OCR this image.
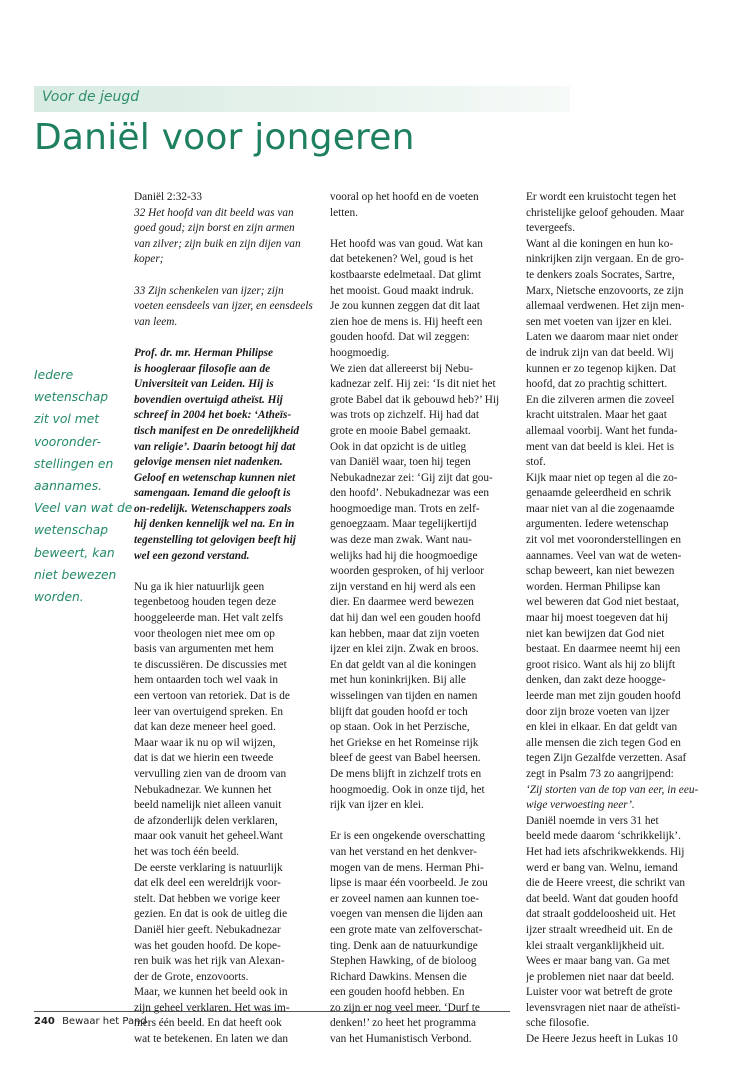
Voor de jeugd
Daniël voor jongeren
Iedere
wetenschap
zit vol met
vooronder-
stellingen en
aannames.
Veel van wat de
wetenschap
beweert, kan
niet bewezen
worden.
Daniël 2:32-33
32 Het hoofd van dit beeld was van
goed goud; zijn borst en zijn armen
van zilver; zijn buik en zijn dijen van
koper;
33 Zijn schenkelen van ijzer; zijn
voeten eensdeels van ijzer, en eensdeels
van leem.
Prof. dr. mr. Herman Philipse
is hoogleraar filosofie aan de
Universiteit van Leiden. Hij is
bovendien overtuigd atheïst. Hij
schreef in 2004 het boek: ‘Atheïs-
tisch manifest en De onredelijkheid
van religie’. Daarin betoogt hij dat
gelovige mensen niet nadenken.
Geloof en wetenschap kunnen niet
samengaan. Iemand die gelooft is
on-redelijk. Wetenschappers zoals
hij denken kennelijk wel na. En in
tegenstelling tot gelovigen beeft hij
wel een gezond verstand.
Nu ga ik hier natuurlijk geen
tegenbetoog houden tegen deze
hooggeleerde man. Het valt zelfs
voor theologen niet mee om op
basis van argumenten met hem
te discussiëren. De discussies met
hem ontaarden toch wel vaak in
een vertoon van retoriek. Dat is de
leer van overtuigend spreken. En
dat kan deze meneer heel goed.
Maar waar ik nu op wil wijzen,
dat is dat we hierin een tweede
vervulling zien van de droom van
Nebukadnezar. We kunnen het
beeld namelijk niet alleen vanuit
de afzonderlijk delen verklaren,
maar ook vanuit het geheel.Want
het was toch één beeld.
De eerste verklaring is natuurlijk
dat elk deel een wereldrijk voor-
stelt. Dat hebben we vorige keer
gezien. En dat is ook de uitleg die
Daniël hier geeft. Nebukadnezar
was het gouden hoofd. De kope-
ren buik was het rijk van Alexan-
der de Grote, enzovoorts.
Maar, we kunnen het beeld ook in
zijn geheel verklaren. Het was im-
mers één beeld. En dat heeft ook
wat te betekenen. En laten we dan
vooral op het hoofd en de voeten
letten.
Het hoofd was van goud. Wat kan
dat betekenen? Wel, goud is het
kostbaarste edelmetaal. Dat glimt
het mooist. Goud maakt indruk.
Je zou kunnen zeggen dat dit laat
zien hoe de mens is. Hij heeft een
gouden hoofd. Dat wil zeggen:
hoogmoedig.
We zien dat allereerst bij Nebu-
kadnezar zelf. Hij zei: ‘Is dit niet het
grote Babel dat ik gebouwd heb?’ Hij
was trots op zichzelf. Hij had dat
grote en mooie Babel gemaakt.
Ook in dat opzicht is de uitleg
van Daniël waar, toen hij tegen
Nebukadnezar zei: ‘Gij zijt dat gou-
den hoofd’. Nebukadnezar was een
hoogmoedige man. Trots en zelf-
genoegzaam. Maar tegelijkertijd
was deze man zwak. Want nau-
welijks had hij die hoogmoedige
woorden gesproken, of hij verloor
zijn verstand en hij werd als een
dier. En daarmee werd bewezen
dat hij dan wel een gouden hoofd
kan hebben, maar dat zijn voeten
ijzer en klei zijn. Zwak en broos.
En dat geldt van al die koningen
met hun koninkrijken. Bij alle
wisselingen van tijden en namen
blijft dat gouden hoofd er toch
op staan. Ook in het Perzische,
het Griekse en het Romeinse rijk
bleef de geest van Babel heersen.
De mens blijft in zichzelf trots en
hoogmoedig. Ook in onze tijd, het
rijk van ijzer en klei.
Er is een ongekende overschatting
van het verstand en het denkver-
mogen van de mens. Herman Phi-
lipse is maar één voorbeeld. Je zou
er zoveel namen aan kunnen toe-
voegen van mensen die lijden aan
een grote mate van zelfoverschat-
ting. Denk aan de natuurkundige
Stephen Hawking, of de bioloog
Richard Dawkins. Mensen die
een gouden hoofd hebben. En
zo zijn er nog veel meer. ‘Durf te
denken!’ zo heet het programma
van het Humanistisch Verbond.
Er wordt een kruistocht tegen het
christelijke geloof gehouden. Maar
tevergeefs.
Want al die koningen en hun ko-
ninkrijken zijn vergaan. En de gro-
te denkers zoals Socrates, Sartre,
Marx, Nietsche enzovoorts, ze zijn
allemaal verdwenen. Het zijn men-
sen met voeten van ijzer en klei.
Laten we daarom maar niet onder
de indruk zijn van dat beeld. Wij
kunnen er zo tegenop kijken. Dat
hoofd, dat zo prachtig schittert.
En die zilveren armen die zoveel
kracht uitstralen. Maar het gaat
allemaal voorbij. Want het funda-
ment van dat beeld is klei. Het is
stof.
Kijk maar niet op tegen al die zo-
genaamde geleerdheid en schrik
maar niet van al die zogenaamde
argumenten. Iedere wetenschap
zit vol met vooronderstellingen en
aannames. Veel van wat de weten-
schap beweert, kan niet bewezen
worden. Herman Philipse kan
wel beweren dat God niet bestaat,
maar hij moest toegeven dat hij
niet kan bewijzen dat God niet
bestaat. En daarmee neemt hij een
groot risico. Want als hij zo blijft
denken, dan zakt deze hoogge-
leerde man met zijn gouden hoofd
door zijn broze voeten van ijzer
en klei in elkaar. En dat geldt van
alle mensen die zich tegen God en
tegen Zijn Gezalfde verzetten. Asaf
zegt in Psalm 73 zo aangrijpend:
‘Zij storten van de top van eer, in eeu-
wige verwoesting neer’.
Daniël noemde in vers 31 het
beeld mede daarom ‘schrikkelijk’.
Het had iets afschrikwekkends. Hij
werd er bang van. Welnu, iemand
die de Heere vreest, die schrikt van
dat beeld. Want dat gouden hoofd
dat straalt goddeloosheid uit. Het
ijzer straalt wreedheid uit. En de
klei straalt verganklijkheid uit.
Wees er maar bang van. Ga met
je problemen niet naar dat beeld.
Luister voor wat betreft de grote
levensvragen niet naar de atheïsti-
sche filosofie.
De Heere Jezus heeft in Lukas 10
240 Bewaar het Pand
